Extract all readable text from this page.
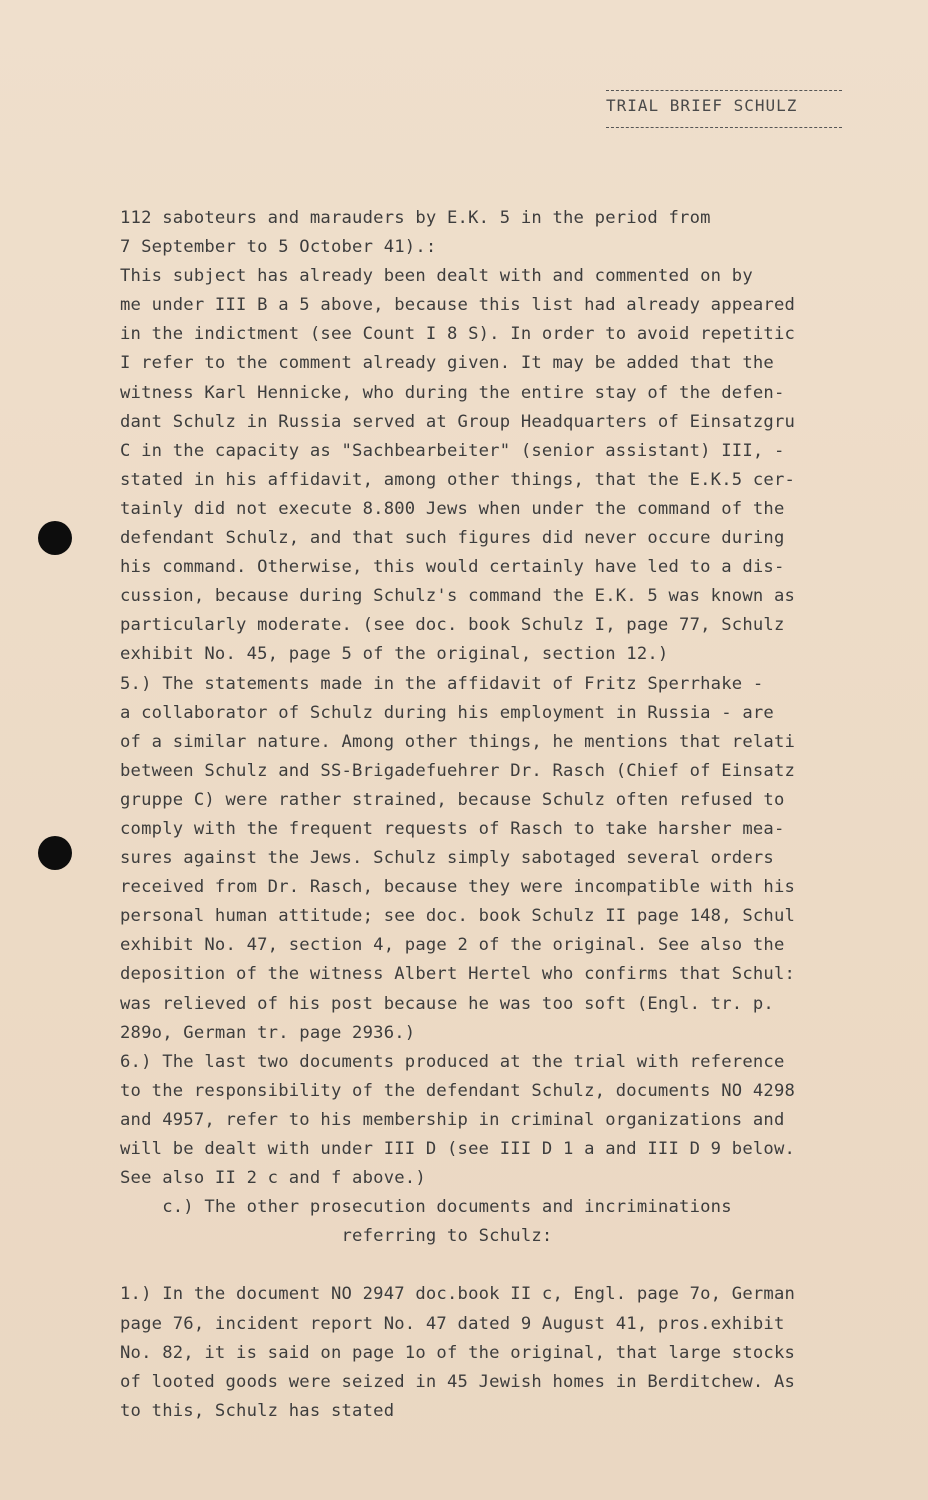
TRIAL BRIEF SCHULZ
112 saboteurs and marauders by E.K. 5 in the period from
7 September to 5 October 41).:
This subject has already been dealt with and commented on by
me under III B a 5 above, because this list had already appeared
in the indictment (see Count I 8 S). In order to avoid repetitic
I refer to the comment already given. It may be added that the
witness Karl Hennicke, who during the entire stay of the defen-
dant Schulz in Russia served at Group Headquarters of Einsatzgru
C in the capacity as "Sachbearbeiter" (senior assistant) III, -
stated in his affidavit, among other things, that the E.K.5 cer-
tainly did not execute 8.800 Jews when under the command of the
defendant Schulz, and that such figures did never occure during
his command. Otherwise, this would certainly have led to a dis-
cussion, because during Schulz's command the E.K. 5 was known as
particularly moderate. (see doc. book Schulz I, page 77, Schulz
exhibit No. 45, page 5 of the original, section 12.)
5.) The statements made in the affidavit of Fritz Sperrhake -
a collaborator of Schulz during his employment in Russia - are
of a similar nature. Among other things, he mentions that relati
between Schulz and SS-Brigadefuehrer Dr. Rasch (Chief of Einsatz
gruppe C) were rather strained, because Schulz often refused to
comply with the frequent requests of Rasch to take harsher mea-
sures against the Jews. Schulz simply sabotaged several orders
received from Dr. Rasch, because they were incompatible with his
personal human attitude; see doc. book Schulz II page 148, Schul
exhibit No. 47, section 4, page 2 of the original. See also the
deposition of the witness Albert Hertel who confirms that Schul:
was relieved of his post because he was too soft (Engl. tr. p.
289o, German tr. page 2936.)
6.) The last two documents produced at the trial with reference
to the responsibility of the defendant Schulz, documents NO 4298
and 4957, refer to his membership in criminal organizations and
will be dealt with under III D (see III D 1 a and III D 9 below.
See also II 2 c and f above.)
c.) The other prosecution documents and incriminations
referring to Schulz:

1.) In the document NO 2947 doc.book II c, Engl. page 7o, German
page 76, incident report No. 47 dated 9 August 41, pros.exhibit
No. 82, it is said on page 1o of the original, that large stocks
of looted goods were seized in 45 Jewish homes in Berditchew. As
to this, Schulz has stated
